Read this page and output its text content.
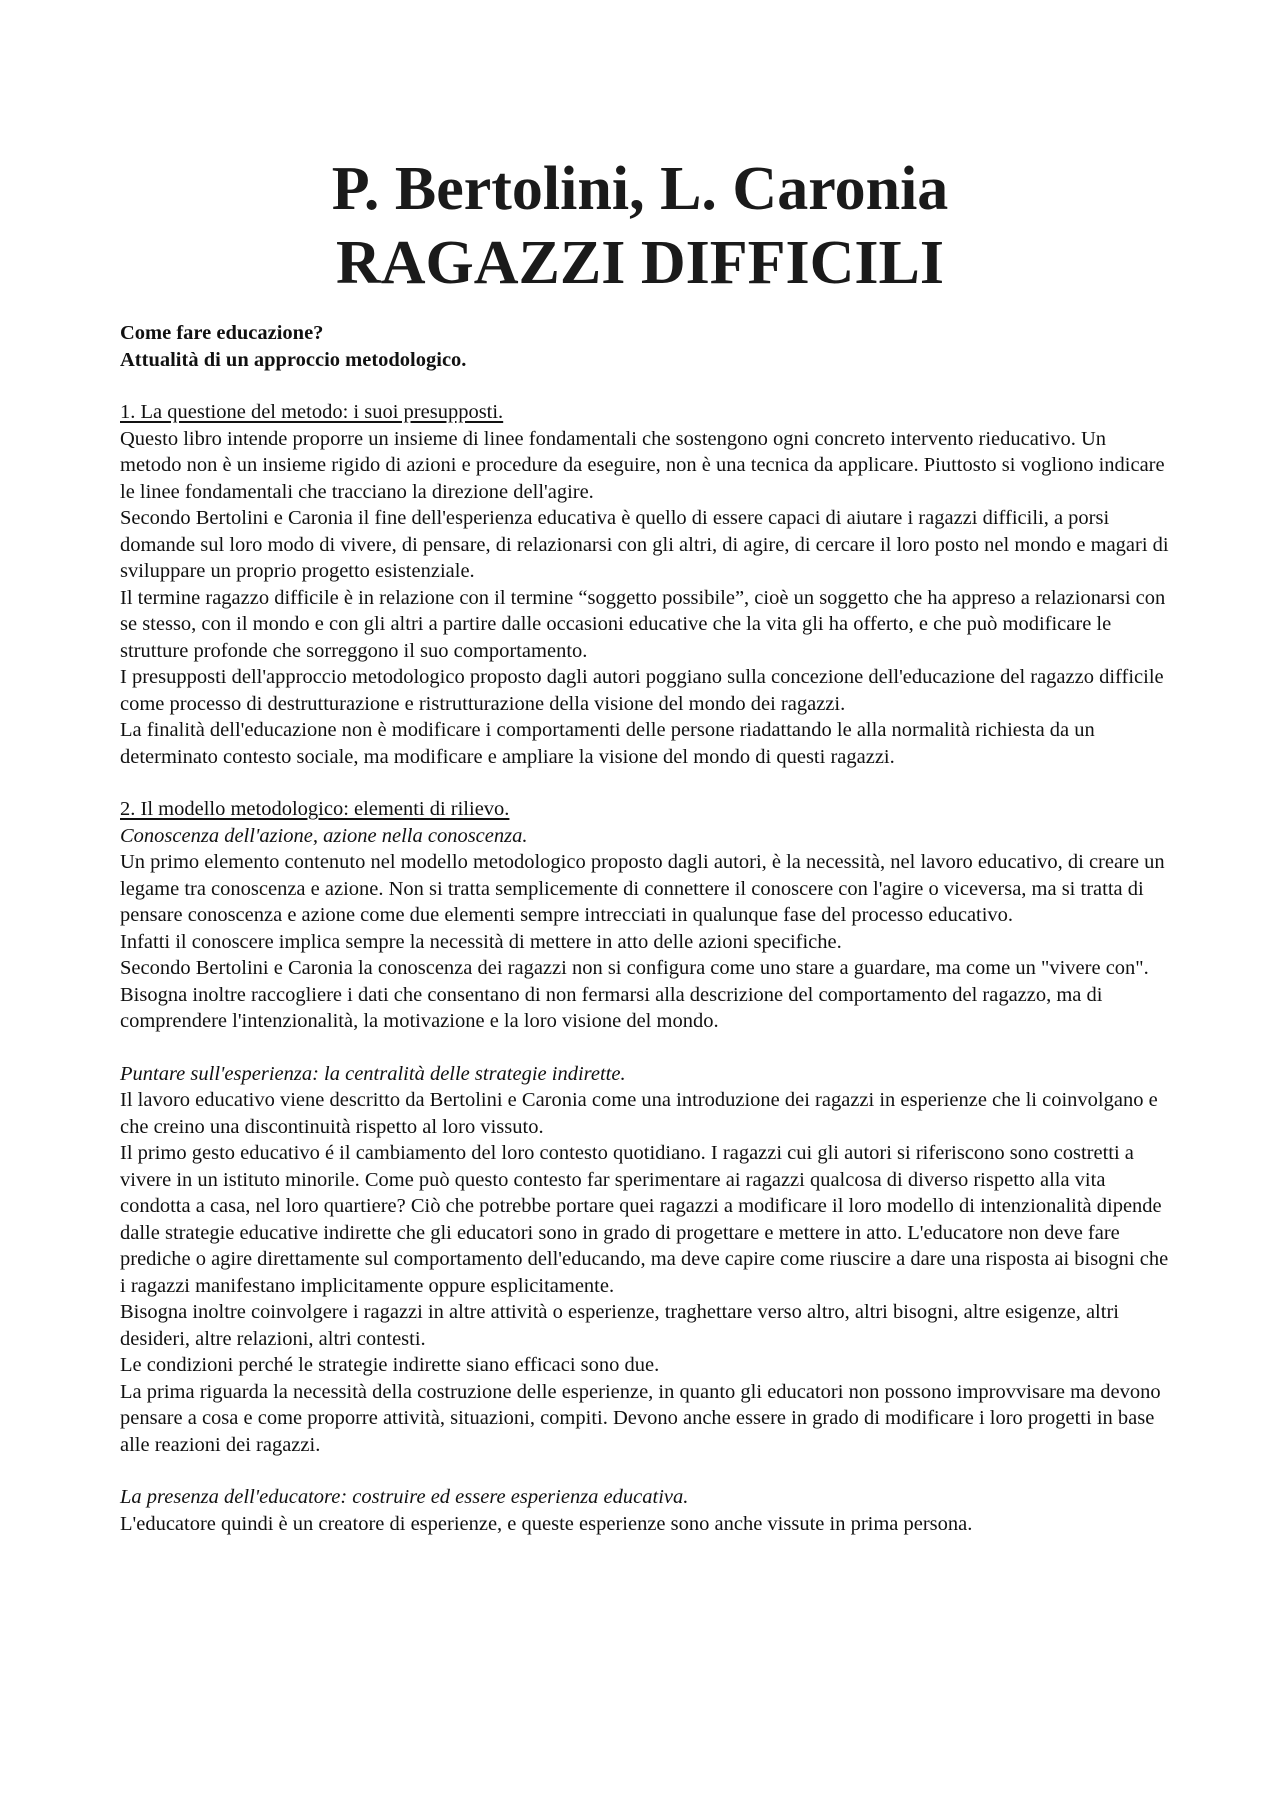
P. Bertolini, L. Caronia
RAGAZZI DIFFICILI

Come fare educazione?

Attualità di un approccio metodologico.

1. La questione del metodo: i suoi presupposti.

Questo libro intende proporre un insieme di linee fondamentali che sostengono ogni concreto intervento rieducativo. Un metodo non è un insieme rigido di azioni e procedure da eseguire, non è una tecnica da applicare. Piuttosto si vogliono indicare le linee fondamentali che tracciano la direzione dell'agire.

Secondo Bertolini e Caronia il fine dell'esperienza educativa è quello di essere capaci di aiutare i ragazzi difficili, a porsi domande sul loro modo di vivere, di pensare, di relazionarsi con gli altri, di agire, di cercare il loro posto nel mondo e magari di sviluppare un proprio progetto esistenziale.

Il termine ragazzo difficile è in relazione con il termine “soggetto possibile”, cioè un soggetto che ha appreso a relazionarsi con se stesso, con il mondo e con gli altri a partire dalle occasioni educative che la vita gli ha offerto, e che può modificare le strutture profonde che sorreggono il suo comportamento.

I presupposti dell'approccio metodologico proposto dagli autori poggiano sulla concezione dell'educazione del ragazzo difficile come processo di destrutturazione e ristrutturazione della visione del mondo dei ragazzi.

La finalità dell'educazione non è modificare i comportamenti delle persone riadattando le alla normalità richiesta da un determinato contesto sociale, ma modificare e ampliare la visione del mondo di questi ragazzi.

2. Il modello metodologico: elementi di rilievo.

Conoscenza dell'azione, azione nella conoscenza.

Un primo elemento contenuto nel modello metodologico proposto dagli autori, è la necessità, nel lavoro educativo, di creare un legame tra conoscenza e azione. Non si tratta semplicemente di connettere il conoscere con l'agire o viceversa, ma si tratta di pensare conoscenza e azione come due elementi sempre intrecciati in qualunque fase del processo educativo.

Infatti il conoscere implica sempre la necessità di mettere in atto delle azioni specifiche.

Secondo Bertolini e Caronia la conoscenza dei ragazzi non si configura come uno stare a guardare, ma come un "vivere con". Bisogna inoltre raccogliere i dati che consentano di non fermarsi alla descrizione del comportamento del ragazzo, ma di comprendere l'intenzionalità, la motivazione e la loro visione del mondo.

Puntare sull'esperienza: la centralità delle strategie indirette.

Il lavoro educativo viene descritto da Bertolini e Caronia come una introduzione dei ragazzi in esperienze che li coinvolgano e che creino una discontinuità rispetto al loro vissuto.

Il primo gesto educativo é il cambiamento del loro contesto quotidiano. I ragazzi cui gli autori si riferiscono sono costretti a vivere in un istituto minorile. Come può questo contesto far sperimentare ai ragazzi qualcosa di diverso rispetto alla vita condotta a casa, nel loro quartiere? Ciò che potrebbe portare quei ragazzi a modificare il loro modello di intenzionalità dipende dalle strategie educative indirette che gli educatori sono in grado di progettare e mettere in atto. L'educatore non deve fare prediche o agire direttamente sul comportamento dell'educando, ma deve capire come riuscire a dare una risposta ai bisogni che i ragazzi manifestano implicitamente oppure esplicitamente.

Bisogna inoltre coinvolgere i ragazzi in altre attività o esperienze, traghettare verso altro, altri bisogni, altre esigenze, altri desideri, altre relazioni, altri contesti.

Le condizioni perché le strategie indirette siano efficaci sono due.

La prima riguarda la necessità della costruzione delle esperienze, in quanto gli educatori non possono improvvisare ma devono pensare a cosa e come proporre attività, situazioni, compiti. Devono anche essere in grado di modificare i loro progetti in base alle reazioni dei ragazzi.

La presenza dell'educatore: costruire ed essere esperienza educativa.

L'educatore quindi è un creatore di esperienze, e queste esperienze sono anche vissute in prima persona.
